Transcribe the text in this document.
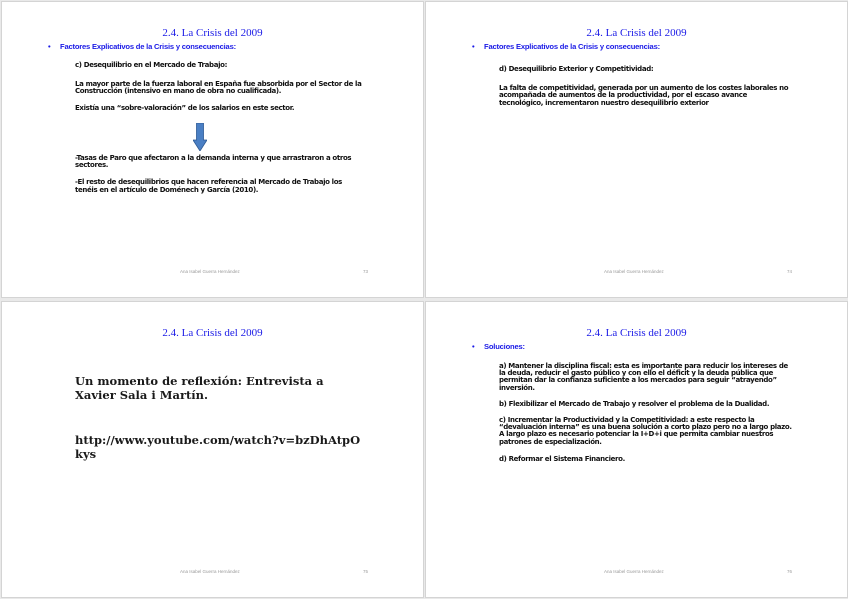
2.4. La Crisis del 2009
• Factores Explicativos de la Crisis y consecuencias:

c) Desequilibrio en el Mercado de Trabajo:

La mayor parte de la fuerza laboral en España fue absorbida por el Sector de la Construcción (intensivo en mano de obra no cualificada).

Existía una “sobre-valoración” de los salarios en este sector.

-Tasas de Paro que afectaron a la demanda interna y que arrastraron a otros sectores.

-El resto de desequilibrios que hacen referencia al Mercado de Trabajo los tenéis en el artículo de Doménech y García (2010).

Ana Isabel Guerra Hernández	73
2.4. La Crisis del 2009
• Factores Explicativos de la Crisis y consecuencias:

d) Desequilibrio Exterior y Competitividad:

La falta de competitividad, generada por un aumento de los costes laborales no acompañada de aumentos de la productividad, por el escaso avance tecnológico, incrementaron nuestro desequilibrio exterior

Ana Isabel Guerra Hernández	74
2.4. La Crisis del 2009
Un momento de reflexión: Entrevista a Xavier Sala i Martín.
http://www.youtube.com/watch?v=bzDhAtpOkys
Ana Isabel Guerra Hernández	75
2.4. La Crisis del 2009
• Soluciones:

a) Mantener la disciplina fiscal: esta es importante para reducir los intereses de la deuda, reducir el gasto público y con ello el déficit y la deuda pública que permitan dar la confianza suficiente a los mercados para seguir “atrayendo” inversión.

b) Flexibilizar el Mercado de Trabajo y resolver el problema de la Dualidad.

c) Incrementar la Productividad y la Competitividad: a este respecto la “devaluación interna” es una buena solución a corto plazo pero no a largo plazo. A largo plazo es necesario potenciar la I+D+i que permita cambiar nuestros patrones de especialización.

d) Reformar el Sistema Financiero.

Ana Isabel Guerra Hernández	76
